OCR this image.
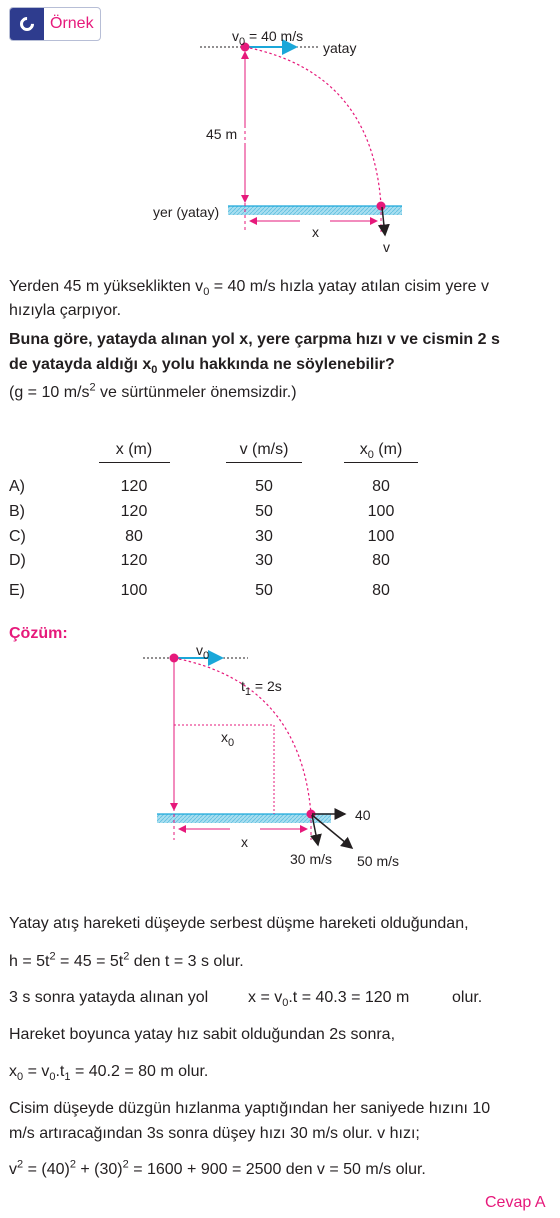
Örnek
$v_0 = 40$ m/s
yatay
45 m
yer (yatay)
x
v
Yerden 45 m yükseklikten $v_0 = 40$ m/s hızla yatay atılan cisim yere v
hızıyla çarpıyor.
Buna göre, yatayda alınan yol x, yere çarpma hızı v ve cismin 2 s
de yatayda aldığı $x_0$ yolu hakkında ne söylenebilir?
(g = 10 $m/s^2$ ve sürtünmeler önemsizdir.)
x (m)	v (m/s)	$x_0$ (m)
A)	120	50	80
B)	120	50	100
C)	80	30	100
D)	120	30	80
E)	100	50	80
Çözüm:
$v_0$
$t_1 = 2s$
$x_0$
x
40
30 m/s 50 m/s
Yatay atış hareketi düşeyde serbest düşme hareketi olduğundan,
$h = 5t^2 = 45 = 5t^2$ den t = 3 s olur.
3 s sonra yatayda alınan yol $x = v_0.t = 40.3 = 120$ m	olur.
Hareket boyunca yatay hız sabit olduğundan 2s sonra,
$x_0 = v_0.t_1 = 40.2 = 80$ m olur.
Cisim düşeyde düzgün hızlanma yaptığından her saniyede hızını 10
m/s artıracağından 3s sonra düşey hızı 30 m/s olur. v hızı;
$v^2 = (40)^2 + (30)^2 = 1600 + 900 = 2500$ den v = 50 m/s olur.
Cevap A
